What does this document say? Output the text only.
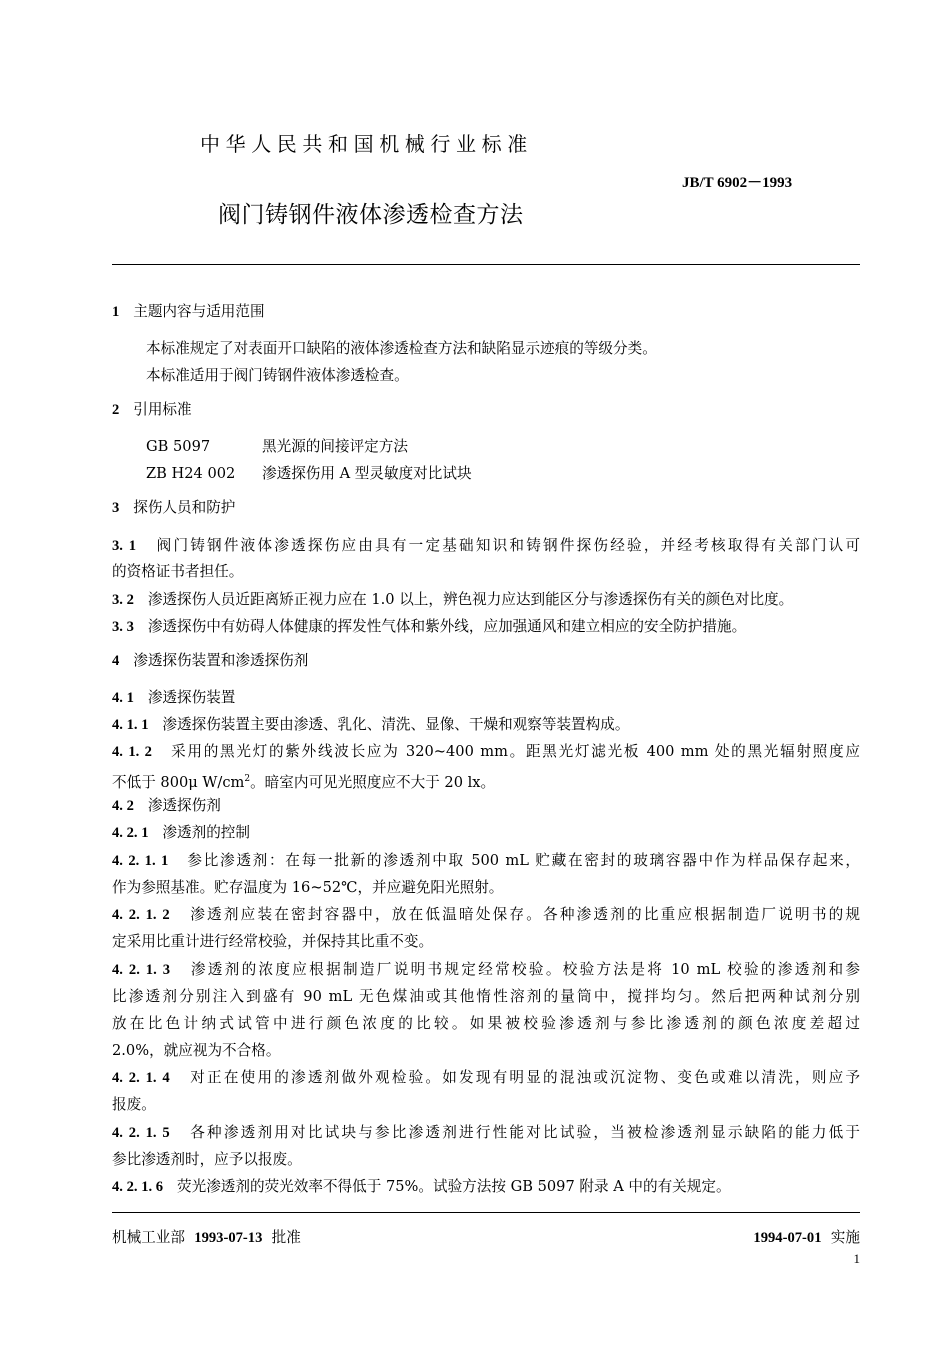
中华人民共和国机械行业标准
JB/T 6902－1993
阀门铸钢件液体渗透检查方法
1 主题内容与适用范围
本标准规定了对表面开口缺陷的液体渗透检查方法和缺陷显示迹痕的等级分类。
本标准适用于阀门铸钢件液体渗透检查。
2 引用标准
GB 5097	黑光源的间接评定方法
ZB H24 002 渗透探伤用 A 型灵敏度对比试块
3 探伤人员和防护
3. 1 阀门铸钢件液体渗透探伤应由具有一定基础知识和铸钢件探伤经验，并经考核取得有关部门认可
的资格证书者担任。
3. 2 渗透探伤人员近距离矫正视力应在 1.0 以上，辨色视力应达到能区分与渗透探伤有关的颜色对比度。
3. 3 渗透探伤中有妨碍人体健康的挥发性气体和紫外线，应加强通风和建立相应的安全防护措施。
4 渗透探伤装置和渗透探伤剂
4. 1 渗透探伤装置
4. 1. 1 渗透探伤装置主要由渗透、乳化、清洗、显像、干燥和观察等装置构成。
4. 1. 2 采用的黑光灯的紫外线波长应为 320~400 mm。距黑光灯滤光板 400 mm 处的黑光辐射照度应
不低于 800μ $W/cm^2$。暗室内可见光照度应不大于 20 lx。
4. 2 渗透探伤剂
4. 2. 1 渗透剂的控制
4. 2. 1. 1 参比渗透剂：在每一批新的渗透剂中取 500 mL 贮藏在密封的玻璃容器中作为样品保存起来，
作为参照基准。贮存温度为 16~52℃，并应避免阳光照射。
4. 2. 1. 2 渗透剂应装在密封容器中，放在低温暗处保存。各种渗透剂的比重应根据制造厂说明书的规
定采用比重计进行经常校验，并保持其比重不变。
4. 2. 1. 3 渗透剂的浓度应根据制造厂说明书规定经常校验。校验方法是将 10 mL 校验的渗透剂和参
比渗透剂分别注入到盛有 90 mL 无色煤油或其他惰性溶剂的量筒中，搅拌均匀。然后把两种试剂分别
放在比色计纳式试管中进行颜色浓度的比较。如果被校验渗透剂与参比渗透剂的颜色浓度差超过
2.0%，就应视为不合格。
4. 2. 1. 4 对正在使用的渗透剂做外观检验。如发现有明显的混浊或沉淀物、变色或难以清洗，则应予
报废。
4. 2. 1. 5 各种渗透剂用对比试块与参比渗透剂进行性能对比试验，当被检渗透剂显示缺陷的能力低于
参比渗透剂时，应予以报废。
4. 2. 1. 6 荧光渗透剂的荧光效率不得低于 75%。试验方法按 GB 5097 附录 A 中的有关规定。
机械工业部 1993-07-13 批准	1994-07-01 实施
1
